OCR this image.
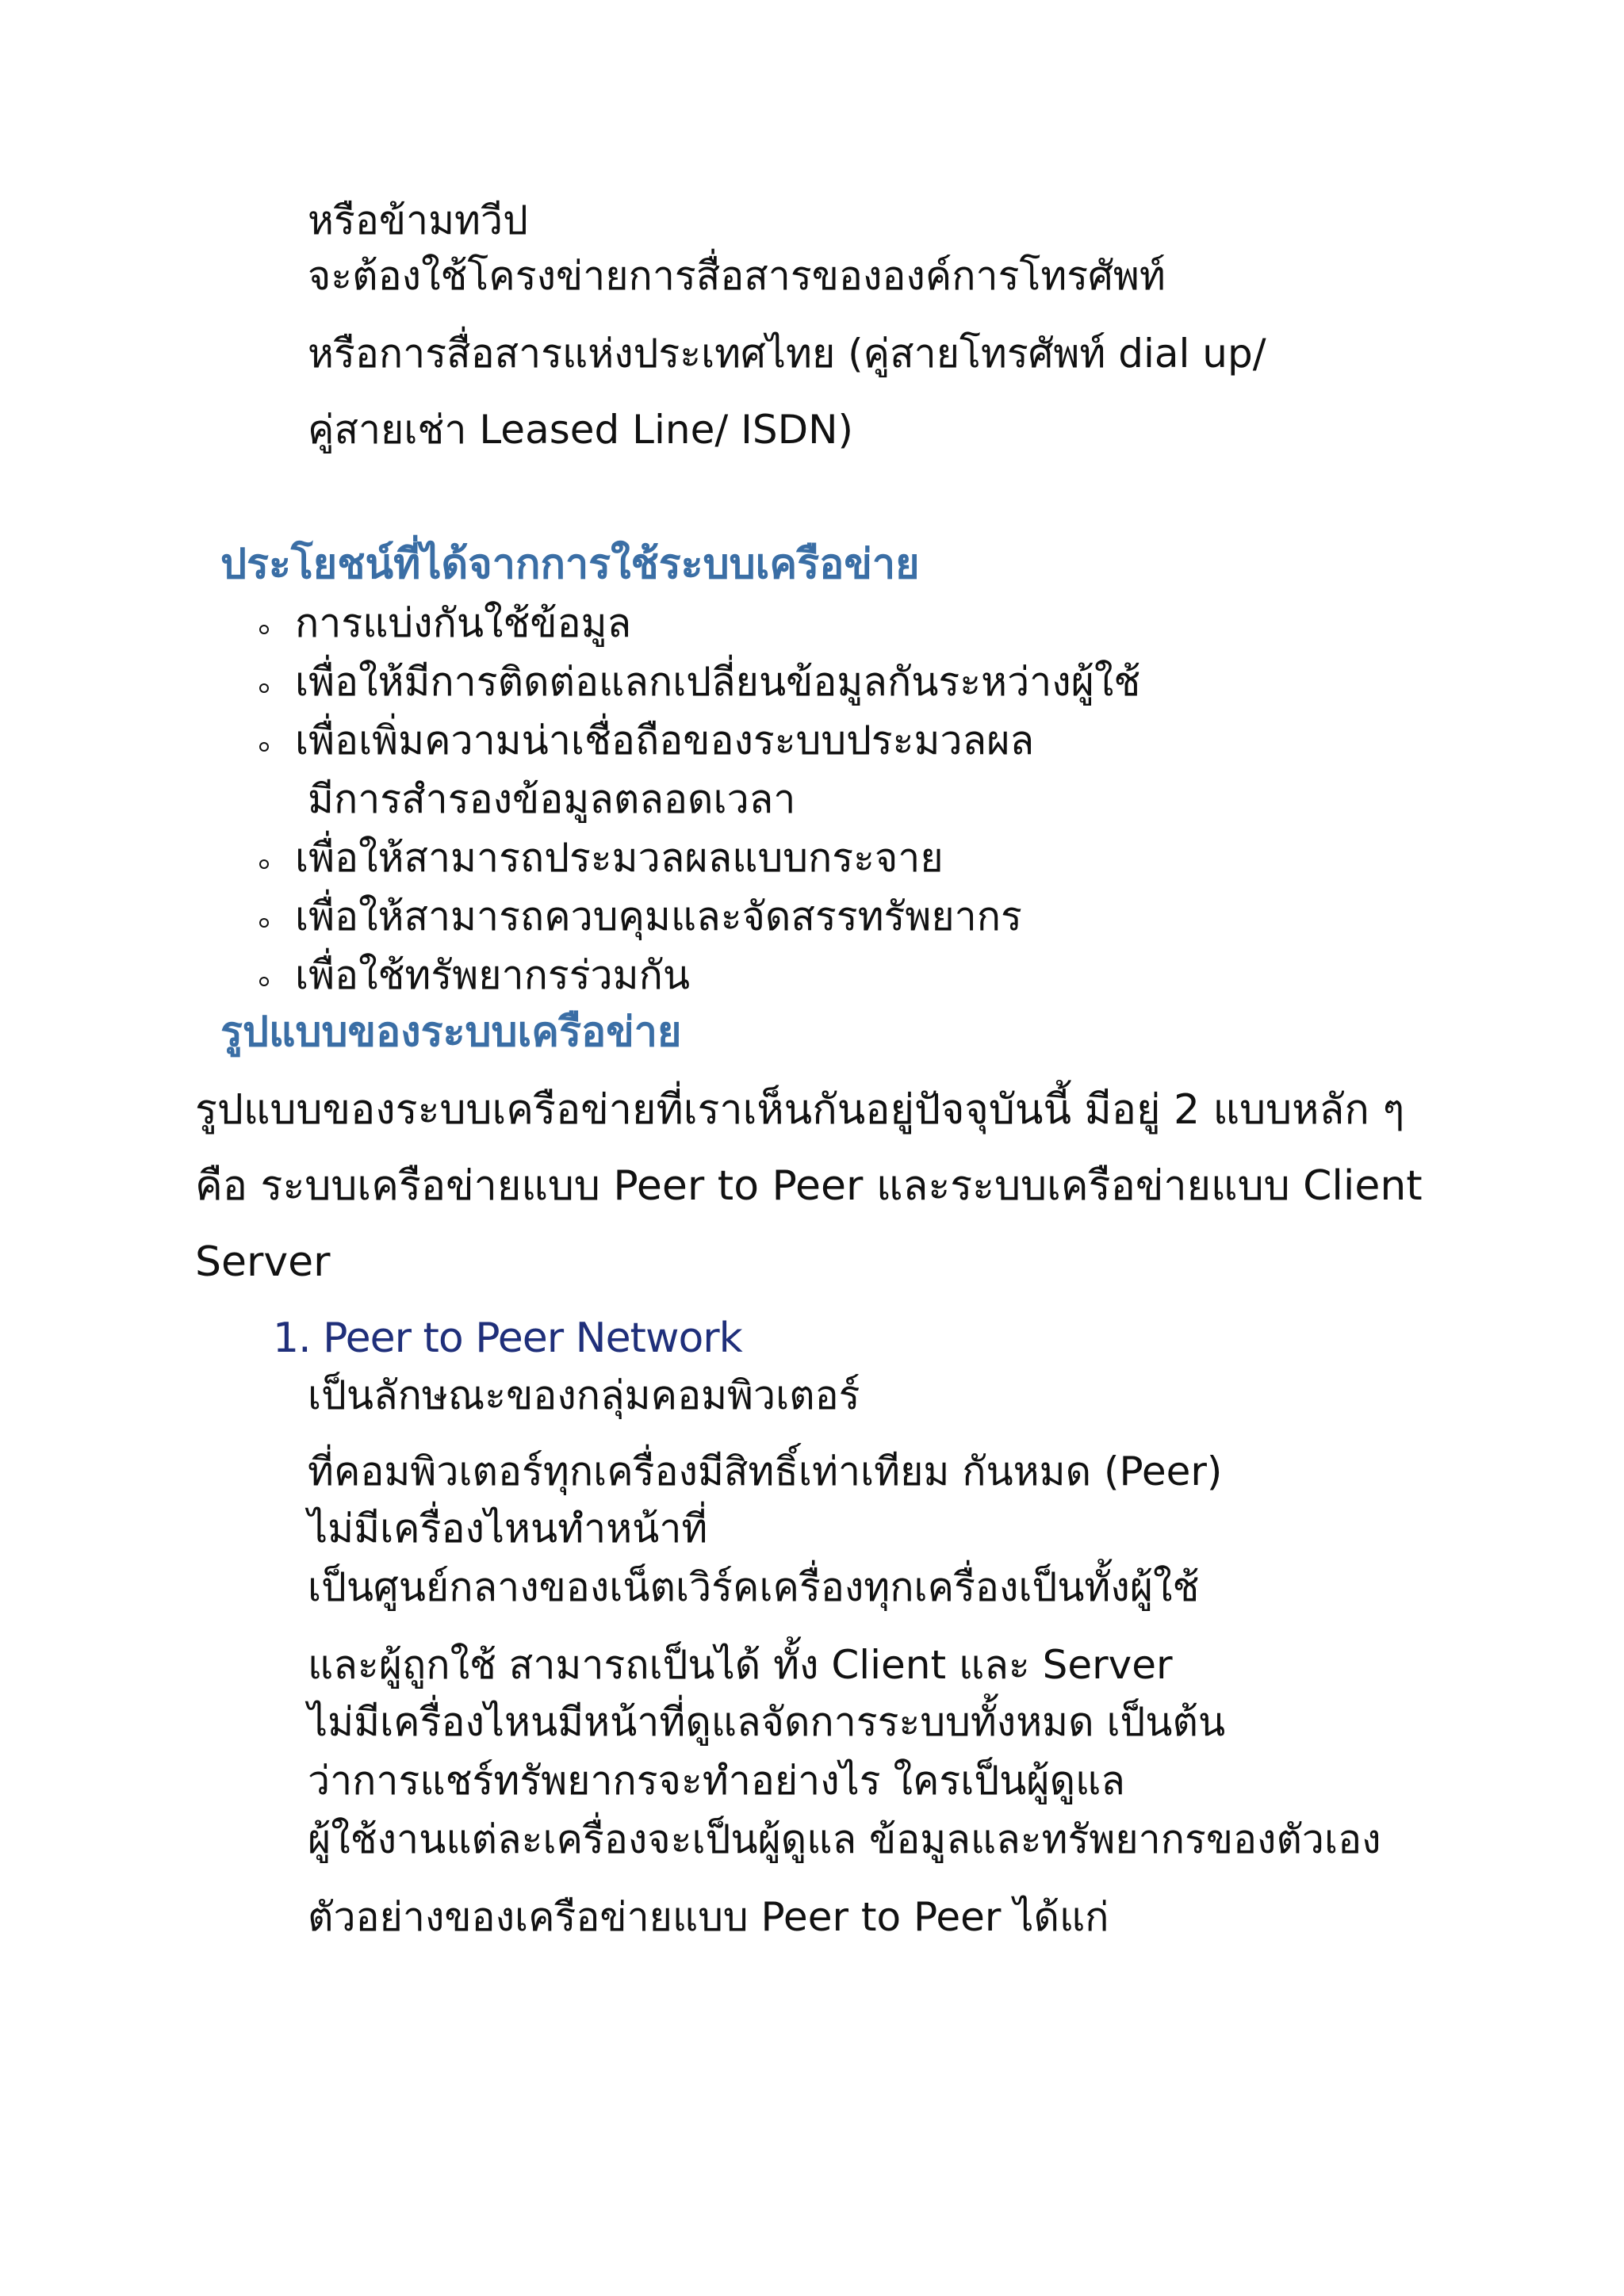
หรือข้ามทวีป
จะต้องใช้โครงข่ายการสื่อสารขององค์การโทรศัพท์
หรือการสื่อสารแห่งประเทศไทย (คู่สายโทรศัพท์ dial up/
คู่สายเช่า Leased Line/ ISDN)
ประโยชน์ที่ได้จากการใช้ระบบเครือข่าย
การแบ่งกันใช้ข้อมูล
เพื่อให้มีการติดต่อแลกเปลี่ยนข้อมูลกันระหว่างผู้ใช้
เพื่อเพิ่มความน่าเชื่อถือของระบบประมวลผล
มีการสำรองข้อมูลตลอดเวลา
เพื่อให้สามารถประมวลผลแบบกระจาย
เพื่อให้สามารถควบคุมและจัดสรรทรัพยากร
เพื่อใช้ทรัพยากรร่วมกัน
รูปแบบของระบบเครือข่าย
รูปแบบของระบบเครือข่ายที่เราเห็นกันอยู่ปัจจุบันนี้ มีอยู่ 2 แบบหลัก ๆ
คือ ระบบเครือข่ายแบบ Peer to Peer และระบบเครือข่ายแบบ Client
Server
1. Peer to Peer Network
เป็นลักษณะของกลุ่มคอมพิวเตอร์
ที่คอมพิวเตอร์ทุกเครื่องมีสิทธิ์เท่าเทียม กันหมด (Peer)
ไม่มีเครื่องไหนทำหน้าที่
เป็นศูนย์กลางของเน็ตเวิร์คเครื่องทุกเครื่องเป็นทั้งผู้ใช้
และผู้ถูกใช้ สามารถเป็นได้ ทั้ง Client และ Server
ไม่มีเครื่องไหนมีหน้าที่ดูแลจัดการระบบทั้งหมด เป็นต้น
ว่าการแชร์ทรัพยากรจะทำอย่างไร ใครเป็นผู้ดูแล
ผู้ใช้งานแต่ละเครื่องจะเป็นผู้ดูแล ข้อมูลและทรัพยากรของตัวเอง
ตัวอย่างของเครือข่ายแบบ Peer to Peer ได้แก่
